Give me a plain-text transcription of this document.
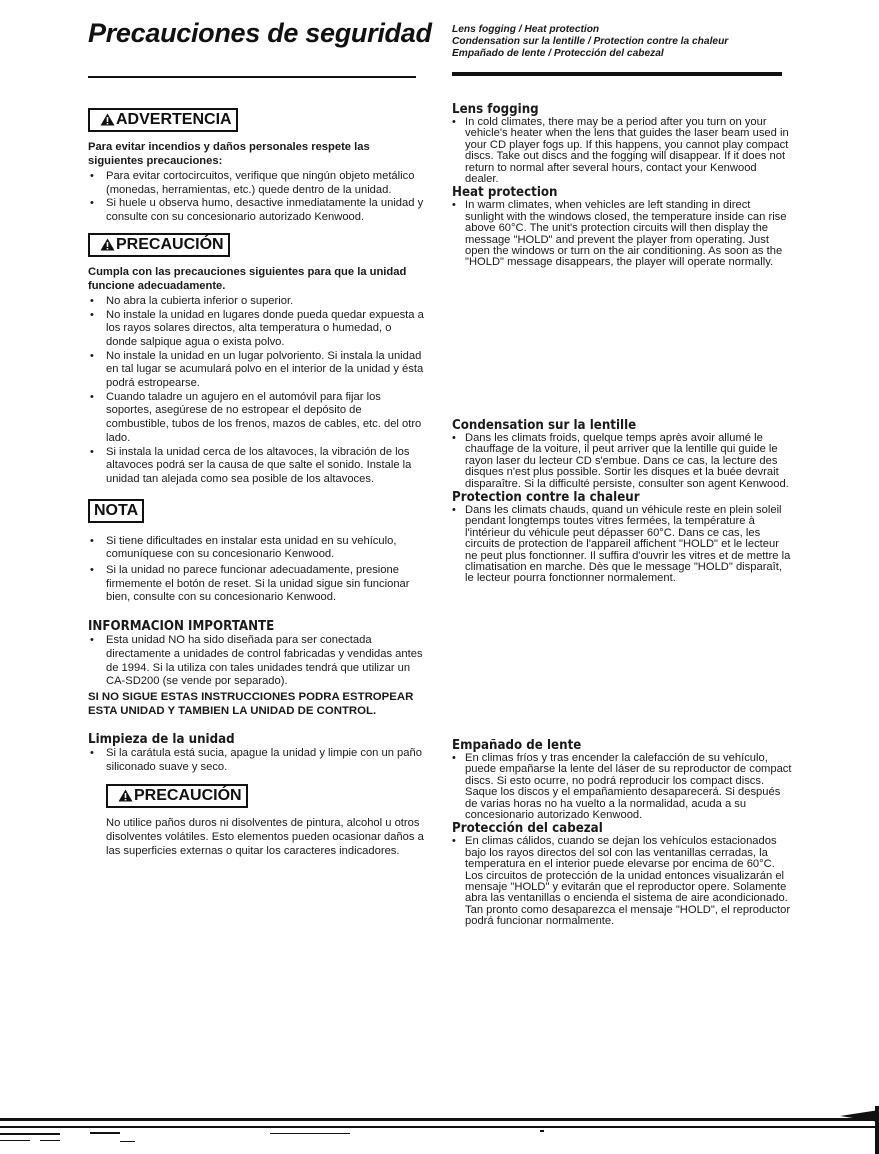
Precauciones de seguridad Lens fogging / Heat protection
Condensation sur la lentille / Protection contre la chaleur
Empañado de lente / Protección del cabezal
ADVERTENCIA

Para evitar incendios y daños personales respete las siguientes precauciones:

• Para evitar cortocircuitos, verifique que ningún objeto metálico (monedas, herramientas, etc.) quede dentro de la unidad.
• Si huele u observa humo, desactive inmediatamente la unidad y consulte con su concesionario autorizado Kenwood.
PRECAUCIÓN

Cumpla con las precauciones siguientes para que la unidad funcione adecuadamente.

• No abra la cubierta inferior o superior.
• No instale la unidad en lugares donde pueda quedar expuesta a los rayos solares directos, alta temperatura o humedad, o donde salpique agua o exista polvo.
• No instale la unidad en un lugar polvoriento. Si instala la unidad en tal lugar se acumulará polvo en el interior de la unidad y ésta podrá estropearse.
• Cuando taladre un agujero en el automóvil para fijar los soportes, asegúrese de no estropear el depósito de combustible, tubos de los frenos, mazos de cables, etc. del otro lado.
• Si instala la unidad cerca de los altavoces, la vibración de los altavoces podrá ser la causa de que salte el sonido. Instale la unidad tan alejada como sea posible de los altavoces.
NOTA
• Si tiene dificultades en instalar esta unidad en su vehículo, comuníquese con su concesionario Kenwood.
• Si la unidad no parece funcionar adecuadamente, presione firmemente el botón de reset. Si la unidad sigue sin funcionar bien, consulte con su concesionario Kenwood.
INFORMACION IMPORTANTE
• Esta unidad NO ha sido diseñada para ser conectada directamente a unidades de control fabricadas y vendidas antes de 1994. Si la utiliza con tales unidades tendrá que utilizar un CA-SD200 (se vende por separado).

SI NO SIGUE ESTAS INSTRUCCIONES PODRA ESTROPEAR ESTA UNIDAD Y TAMBIEN LA UNIDAD DE CONTROL.

Limpieza de la unidad
• Si la carátula está sucia, apague la unidad y limpie con un paño siliconado suave y seco.
PRECAUCIÓN

No utilice paños duros ni disolventes de pintura, alcohol u otros disolventes volátiles. Esto elementos pueden ocasionar daños a las superficies externas o quitar los caracteres indicadores.

Lens fogging
• In cold climates, there may be a period after you turn on your vehicle's heater when the lens that guides the laser beam used in your CD player fogs up. If this happens, you cannot play compact discs. Take out discs and the fogging will disappear. If it does not return to normal after several hours, contact your Kenwood dealer.
Heat protection
• In warm climates, when vehicles are left standing in direct sunlight with the windows closed, the temperature inside can rise above 60°C. The unit's protection circuits will then display the message "HOLD" and prevent the player from operating. Just open the windows or turn on the air conditioning. As soon as the "HOLD" message disappears, the player will operate normally.
Condensation sur la lentille
• Dans les climats froids, quelque temps après avoir allumé le chauffage de la voiture, il peut arriver que la lentille qui guide le rayon laser du lecteur CD s'embue. Dans ce cas, la lecture des disques n'est plus possible. Sortir les disques et la buée devrait disparaître. Si la difficulté persiste, consulter son agent Kenwood.
Protection contre la chaleur
• Dans les climats chauds, quand un véhicule reste en plein soleil pendant longtemps toutes vitres fermées, la température à l'intérieur du véhicule peut dépasser 60°C. Dans ce cas, les circuits de protection de l'appareil affichent "HOLD" et le lecteur ne peut plus fonctionner. Il suffira d'ouvrir les vitres et de mettre la climatisation en marche. Dès que le message "HOLD" disparaît, le lecteur pourra fonctionner normalement.
Empañado de lente
• En climas fríos y tras encender la calefacción de su vehículo, puede empañarse la lente del láser de su reproductor de compact discs. Si esto ocurre, no podrá reproducir los compact discs. Saque los discos y el empañamiento desaparecerá. Si después de varias horas no ha vuelto a la normalidad, acuda a su concesionario autorizado Kenwood.
Protección del cabezal
• En climas cálidos, cuando se dejan los vehículos estacionados bajo los rayos directos del sol con las ventanillas cerradas, la temperatura en el interior puede elevarse por encima de 60°C. Los circuitos de protección de la unidad entonces visualizarán el mensaje "HOLD" y evitarán que el reproductor opere. Solamente abra las ventanillas o encienda el sistema de aire acondicionado. Tan pronto como desaparezca el mensaje "HOLD", el reproductor podrá funcionar normalmente.
